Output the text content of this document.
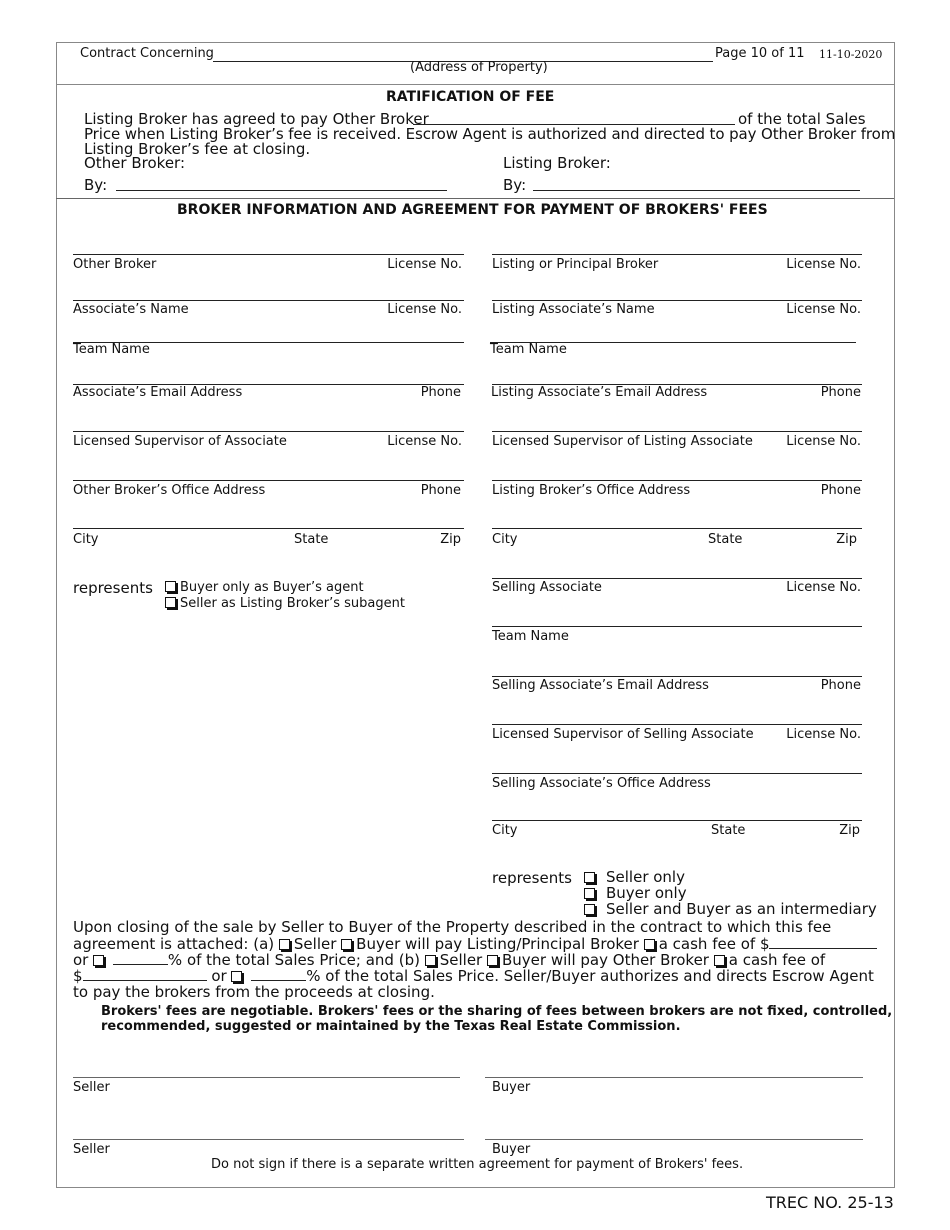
Contract Concerning
(Address of Property)
Page 10 of 11 11-10-2020
RATIFICATION OF FEE
Listing Broker has agreed to pay Other Broker	of the total Sales
Price when Listing Broker’s fee is received. Escrow Agent is authorized and directed to pay Other Broker from
Listing Broker’s fee at closing.
Other Broker:	Listing Broker:
By:	By:
BROKER INFORMATION AND AGREEMENT FOR PAYMENT OF BROKERS' FEES
Other Broker	License No.
Associate’s Name	License No.
Team Name
Associate’s Email Address	Phone
Licensed Supervisor of Associate	License No.
Other Broker’s Office Address	Phone
City	State	Zip
represents	Buyer only as Buyer’s agent
Seller as Listing Broker’s subagent
Listing or Principal Broker	License No.
Listing Associate’s Name	License No.
Team Name
Listing Associate’s Email Address	Phone
Licensed Supervisor of Listing Associate	License No.
Listing Broker’s Office Address	Phone
City	State	Zip
Selling Associate	License No.
Team Name
Selling Associate’s Email Address	Phone
Licensed Supervisor of Selling Associate	License No.
Selling Associate’s Office Address
City	State	Zip
represents	Seller only
Buyer only
Seller and Buyer as an intermediary
Upon closing of the sale by Seller to Buyer of the Property described in the contract to which this fee
agreement is attached: (a) Seller Buyer will pay Listing/Principal Broker a cash fee of $
or	% of the total Sales Price; and (b) Seller Buyer will pay Other Broker a cash fee of
$	or	% of the total Sales Price. Seller/Buyer authorizes and directs Escrow Agent
to pay the brokers from the proceeds at closing.
Brokers' fees are negotiable. Brokers' fees or the sharing of fees between brokers are not fixed, controlled,
recommended, suggested or maintained by the Texas Real Estate Commission.
Seller	Buyer
Seller	Buyer
Do not sign if there is a separate written agreement for payment of Brokers' fees.
TREC NO. 25-13
